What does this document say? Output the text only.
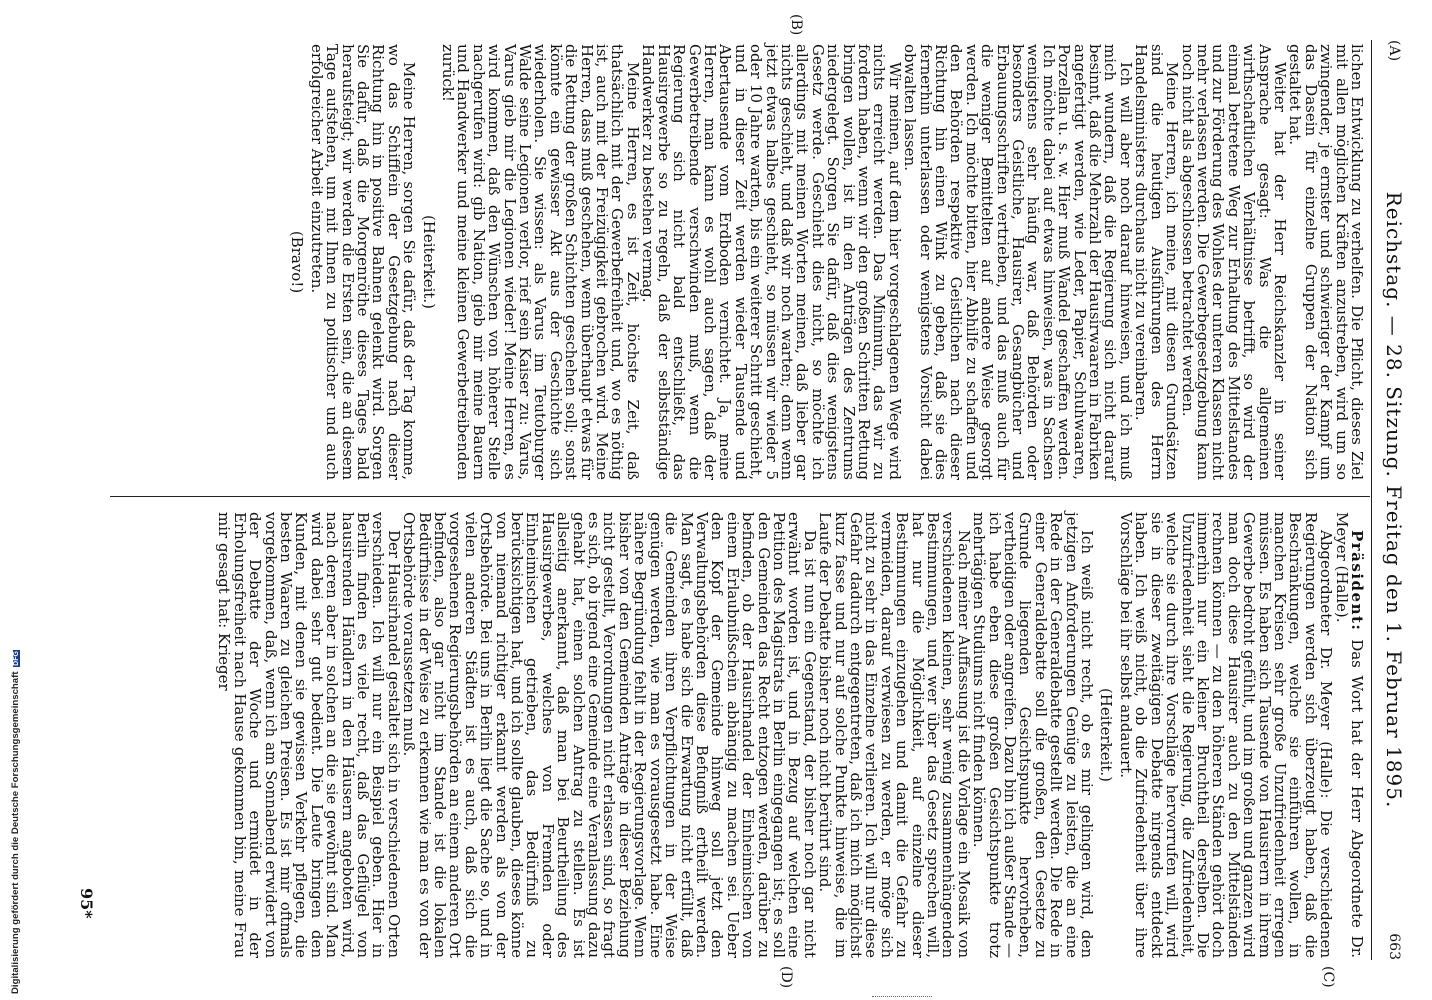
(A)
Reichstag. — 28. Sitzung. Freitag den 1. Februar 1895.
663
(B)
(C)
(D)

lichen Entwicklung zu verhelfen. Die Pflicht, dieses Ziel mit allen möglichen Kräften anzustreben, wird um so zwingender, je ernster und schwieriger der Kampf um das Dasein für einzelne Gruppen der Nation sich gestaltet hat.

Weiter hat der Herr Reichskanzler in seiner Ansprache gesagt: Was die allgemeinen wirthschaftlichen Verhältnisse betrifft, so wird der einmal betretene Weg zur Erhaltung des Mittelstandes und zur Förderung des Wohles der unteren Klassen nicht mehr verlassen werden. Die Gewerbegesetzgebung kann noch nicht als abgeschlossen betrachtet werden.

Meine Herren, ich meine, mit diesen Grundsätzen sind die heutigen Ausführungen des Herrn Handelsministers durchaus nicht zu vereinbaren.

Ich will aber noch darauf hinweisen, und ich muß mich wundern, daß die Regierung sich nicht darauf besinnt, daß die Mehrzahl der Hausirwaaren in Fabriken angefertigt werden, wie Leder, Papier, Schuhwaaren, Porzellan u. s. w. Hier muß Wandel geschaffen werden. Ich möchte dabei auf etwas hinweisen, was in Sachsen wenigstens sehr häufig war, daß Behörden oder besonders Geistliche, Hausirer, Gesangbücher und Erbauungsschriften vertrieben, und das muß auch für die weniger Bemittelten auf andere Weise gesorgt werden. Ich möchte bitten, hier Abhilfe zu schaffen und den Behörden respektive Geistlichen nach dieser Richtung hin einen Wink zu geben, daß sie dies fernerhin unterlassen oder wenigstens Vorsicht dabei obwalten lassen.

Wir meinen, auf dem hier vorgeschlagenen Wege wird nichts erreicht werden. Das Minimum, das wir zu fordern haben, wenn wir den großen Schritten Rettung bringen wollen, ist in den Anträgen des Zentrums niedergelegt. Sorgen Sie dafür, daß dies wenigstens Gesetz werde. Geschieht dies nicht, so möchte ich allerdings mit meinen Worten meinen, daß lieber gar nichts geschieht, und daß wir noch warten; denn wenn jetzt etwas halbes geschieht, so müssen wir wieder 5 oder 10 Jahre warten, bis ein weiterer Schritt geschieht, und in dieser Zeit werden wieder Tausende und Abertausende vom Erdboden vernichtet. Ja, meine Herren, man kann es wohl auch sagen, daß der Gewerbetreibende verschwinden muß, wenn die Regierung sich nicht bald entschließt, das Hausirgewerbe so zu regeln, daß der selbstständige Handwerker zu bestehen vermag.

Meine Herren, es ist Zeit, höchste Zeit, daß thatsächlich mit der Gewerbefreiheit und, wo es nöthig ist, auch mit der Freizügigkeit gebrochen wird. Meine Herren, dass muß geschehen, wenn überhaupt etwas für die Rettung der großen Schichten geschehen soll; sonst könnte ein gewisser Akt aus der Geschichte sich wiederholen. Sie wissen: als Varus im Teutoburger Walde seine Legionen verlor, rief sein Kaiser zu: Varus, Varus gieb mir die Legionen wieder! Meine Herren, es wird kommen, daß den Wünschen von höherer Stelle nachgerufen wird: gib Nation, gieb mir meine Bauern und Handwerker und meine kleinen Gewerbetreibenden zurück!

(Heiterkeit.)

Meine Herren, sorgen Sie dafür, daß der Tag komme, wo das Schifflein der Gesetzgebung nach dieser Richtung hin in positive Bahnen gelenkt wird. Sorgen Sie dafür, daß die Morgenröthe dieses Tages bald heraufsteigt; wir werden die Ersten sein, die an diesem Tage aufstehen, um mit Ihnen zu politischer und auch erfolgreicher Arbeit einzutreten.

(Bravo!)

Präsident: Das Wort hat der Herr Abgeordnete Dr. Meyer (Halle).

Abgeordneter Dr. Meyer (Halle): Die verschiedenen Regierungen werden sich überzeugt haben, daß die Beschränkungen, welche sie einführen wollen, in manchen Kreisen sehr große Unzufriedenheit erregen müssen. Es haben sich Tausende von Hausirern in ihrem Gewerbe bedroht gefühlt, und im großen und ganzen wird man doch diese Hausirer auch zu den Mittelständen rechnen können — zu den höheren Ständen gehört doch immerhin nur ein kleiner Bruchtheil derselben. Die Unzufriedenheit sieht die Regierung, die Zufriedenheit, welche sie durch ihre Vorschläge hervorrufen will, wird sie in dieser zweitägigen Debatte nirgends entdeckt haben. Ich weiß nicht, ob die Zufriedenheit über ihre Vorschläge bei ihr selbst andauert.

(Heiterkeit.)

Ich weiß nicht recht, ob es mir gelingen wird, den jetzigen Anforderungen Genüge zu leisten, die an eine Rede in der Generaldebatte gestellt werden. Die Rede in einer Generaldebatte soll die großen, den Gesetze zu Grunde liegenden Gesichtspunkte hervorheben, vertheidigen oder angreifen. Dazu bin ich außer Stande — ich habe eben diese großen Gesichtspunkte trotz mehrtägigen Studiums nicht finden können.

Nach meiner Auffassung ist die Vorlage ein Mosaik von verschiedenen kleinen, sehr wenig zusammenhängenden Bestimmungen, und wer über das Gesetz sprechen will, hat nur die Möglichkeit, auf einzelne dieser Bestimmungen einzugehen und damit die Gefahr zu vermeiden, darauf verwiesen zu werden, er möge sich nicht zu sehr in das Einzelne verlieren. Ich will nur diese Gefahr dadurch entgegentreten, daß ich mich möglichst kurz fasse und nur auf solche Punkte hinweise, die im Laufe der Debatte bisher noch nicht berührt sind.

Da ist nun ein Gegenstand, der bisher noch gar nicht erwähnt worden ist, und in Bezug auf welchen eine Petition des Magistrats in Berlin eingegangen ist; es soll den Gemeinden das Recht entzogen werden, darüber zu befinden, ob der Hausirhandel der Einheimischen von einem Erlaubnißschein abhängig zu machen sei. Ueber den Kopf der Gemeinde hinweg soll jetzt den Verwaltungsbehörden diese Befugniß ertheilt werden. Man sagt, es habe sich die Erwartung nicht erfüllt, daß die Gemeinden ihren Verpflichtungen in der Weise genügen werden, wie man es vorausgesetzt habe. Eine nähere Begründung fehlt in der Regierungsvorlage. Wenn bisher von den Gemeinden Anträge in dieser Beziehung nicht gestellt, Verordnungen nicht erlassen sind, so fragt es sich, ob irgend eine Gemeinde eine Veranlassung dazu gehabt hat, einen solchen Antrag zu stellen. Es ist allseitig anerkannt, daß man bei Beurtheilung des Hausirgewerbes, welches von Fremden oder Einheimischen getrieben, das Bedürfniß zu berücksichtigen hat, und ich sollte glauben, dieses könne von niemand richtiger erkannt werden als von der Ortsbehörde. Bei uns in Berlin liegt die Sache so, und in vielen anderen Städten ist es auch, daß sich die vorgesehenen Regierungsbehörden an einem anderen Ort befinden, also gar nicht im Stande ist die lokalen Bedürfnisse in der Weise zu erkennen wie man es von der Ortsbehörde voraussetzen muß.

Der Hausirhandel gestaltet sich in verschiedenen Orten verschieden. Ich will nur ein Beispiel geben. Hier in Berlin finden es viele recht, daß das Geflügel von hausirenden Händlern in den Häusern angeboten wird, nach deren aber in solchen an die sie gewöhnt sind. Man wird dabei sehr gut bedient. Die Leute bringen den Kunden, mit denen sie gewissen Verkehr pflegen, die besten Waaren zu gleichen Preisen. Es ist mir oftmals vorgekommen, daß, wenn ich am Sonnabend erwidert von der Debatte der Woche und ermüdet in der Erholungsfreiheit nach Hause gekommen bin, meine Frau mir gesagt hat: Krieger

95*
Digitalisierung gefördert durch die Deutsche Forschungsgemeinschaft DFG
